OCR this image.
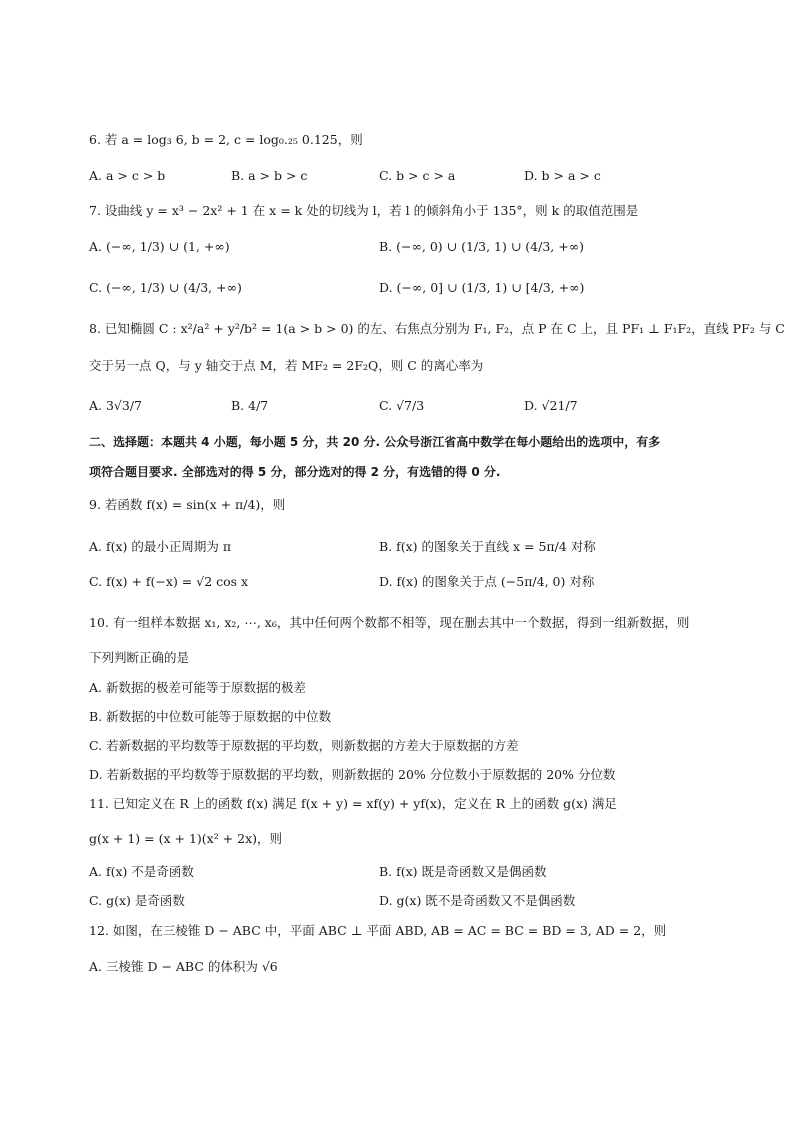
6. 若 a = log₃ 6, b = 2, c = log₀.₂₅ 0.125，则
A. a > c > b	B. a > b > c	C. b > c > a	D. b > a > c
7. 设曲线 y = x³ − 2x² + 1 在 x = k 处的切线为 l，若 l 的倾斜角小于 135°，则 k 的取值范围是
A. (−∞, 1/3) ∪ (1, +∞)	B. (−∞, 0) ∪ (1/3, 1) ∪ (4/3, +∞)
C. (−∞, 1/3) ∪ (4/3, +∞)	D. (−∞, 0] ∪ (1/3, 1) ∪ [4/3, +∞)
8. 已知椭圆 C : x²/a² + y²/b² = 1(a > b > 0) 的左、右焦点分别为 F₁, F₂，点 P 在 C 上，且 PF₁ ⊥ F₁F₂，直线 PF₂ 与 C
交于另一点 Q，与 y 轴交于点 M，若 MF₂ = 2F₂Q，则 C 的离心率为
A. 3√3/7	B. 4/7	C. √7/3	D. √21/7
二、选择题：本题共 4 小题，每小题 5 分，共 20 分. 公众号浙江省高中数学在每小题给出的选项中，有多
项符合题目要求. 全部选对的得 5 分，部分选对的得 2 分，有选错的得 0 分.
9. 若函数 f(x) = sin(x + π/4)，则
A. f(x) 的最小正周期为 π	B. f(x) 的图象关于直线 x = 5π/4 对称
C. f(x) + f(−x) = √2 cos x	D. f(x) 的图象关于点 (−5π/4, 0) 对称
10. 有一组样本数据 x₁, x₂, ⋯, x₆，其中任何两个数都不相等，现在删去其中一个数据，得到一组新数据，则
下列判断正确的是
A. 新数据的极差可能等于原数据的极差
B. 新数据的中位数可能等于原数据的中位数
C. 若新数据的平均数等于原数据的平均数，则新数据的方差大于原数据的方差
D. 若新数据的平均数等于原数据的平均数，则新数据的 20% 分位数小于原数据的 20% 分位数
11. 已知定义在 R 上的函数 f(x) 满足 f(x + y) = xf(y) + yf(x)，定义在 R 上的函数 g(x) 满足
g(x + 1) = (x + 1)(x² + 2x)，则
A. f(x) 不是奇函数	B. f(x) 既是奇函数又是偶函数
C. g(x) 是奇函数	D. g(x) 既不是奇函数又不是偶函数
12. 如图，在三棱锥 D − ABC 中，平面 ABC ⊥ 平面 ABD, AB = AC = BC = BD = 3, AD = 2，则
A. 三棱锥 D − ABC 的体积为 √6
